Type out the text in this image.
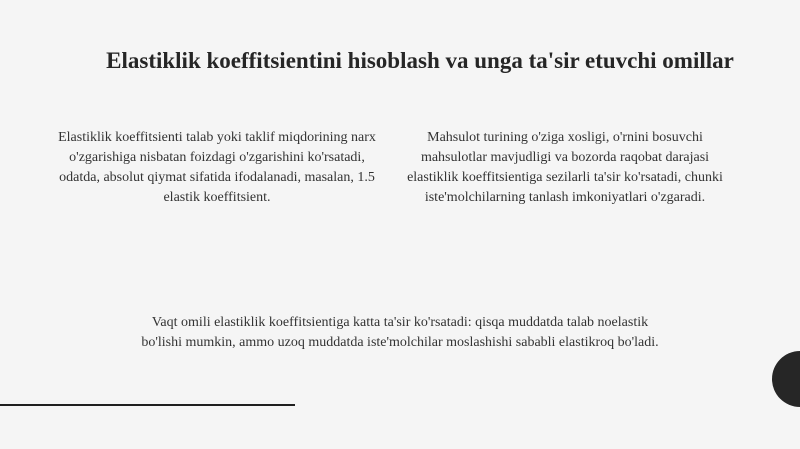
Elastiklik koeffitsientini hisoblash va unga ta'sir etuvchi omillar

Elastiklik koeffitsienti talab yoki taklif miqdorining narx o'zgarishiga nisbatan foizdagi o'zgarishini ko'rsatadi, odatda, absolut qiymat sifatida ifodalanadi, masalan, 1.5 elastik koeffitsient.

Mahsulot turining o'ziga xosligi, o'rnini bosuvchi mahsulotlar mavjudligi va bozorda raqobat darajasi elastiklik koeffitsientiga sezilarli ta'sir ko'rsatadi, chunki iste'molchilarning tanlash imkoniyatlari o'zgaradi.

Vaqt omili elastiklik koeffitsientiga katta ta'sir ko'rsatadi: qisqa muddatda talab noelastik bo'lishi mumkin, ammo uzoq muddatda iste'molchilar moslashishi sababli elastikroq bo'ladi.
